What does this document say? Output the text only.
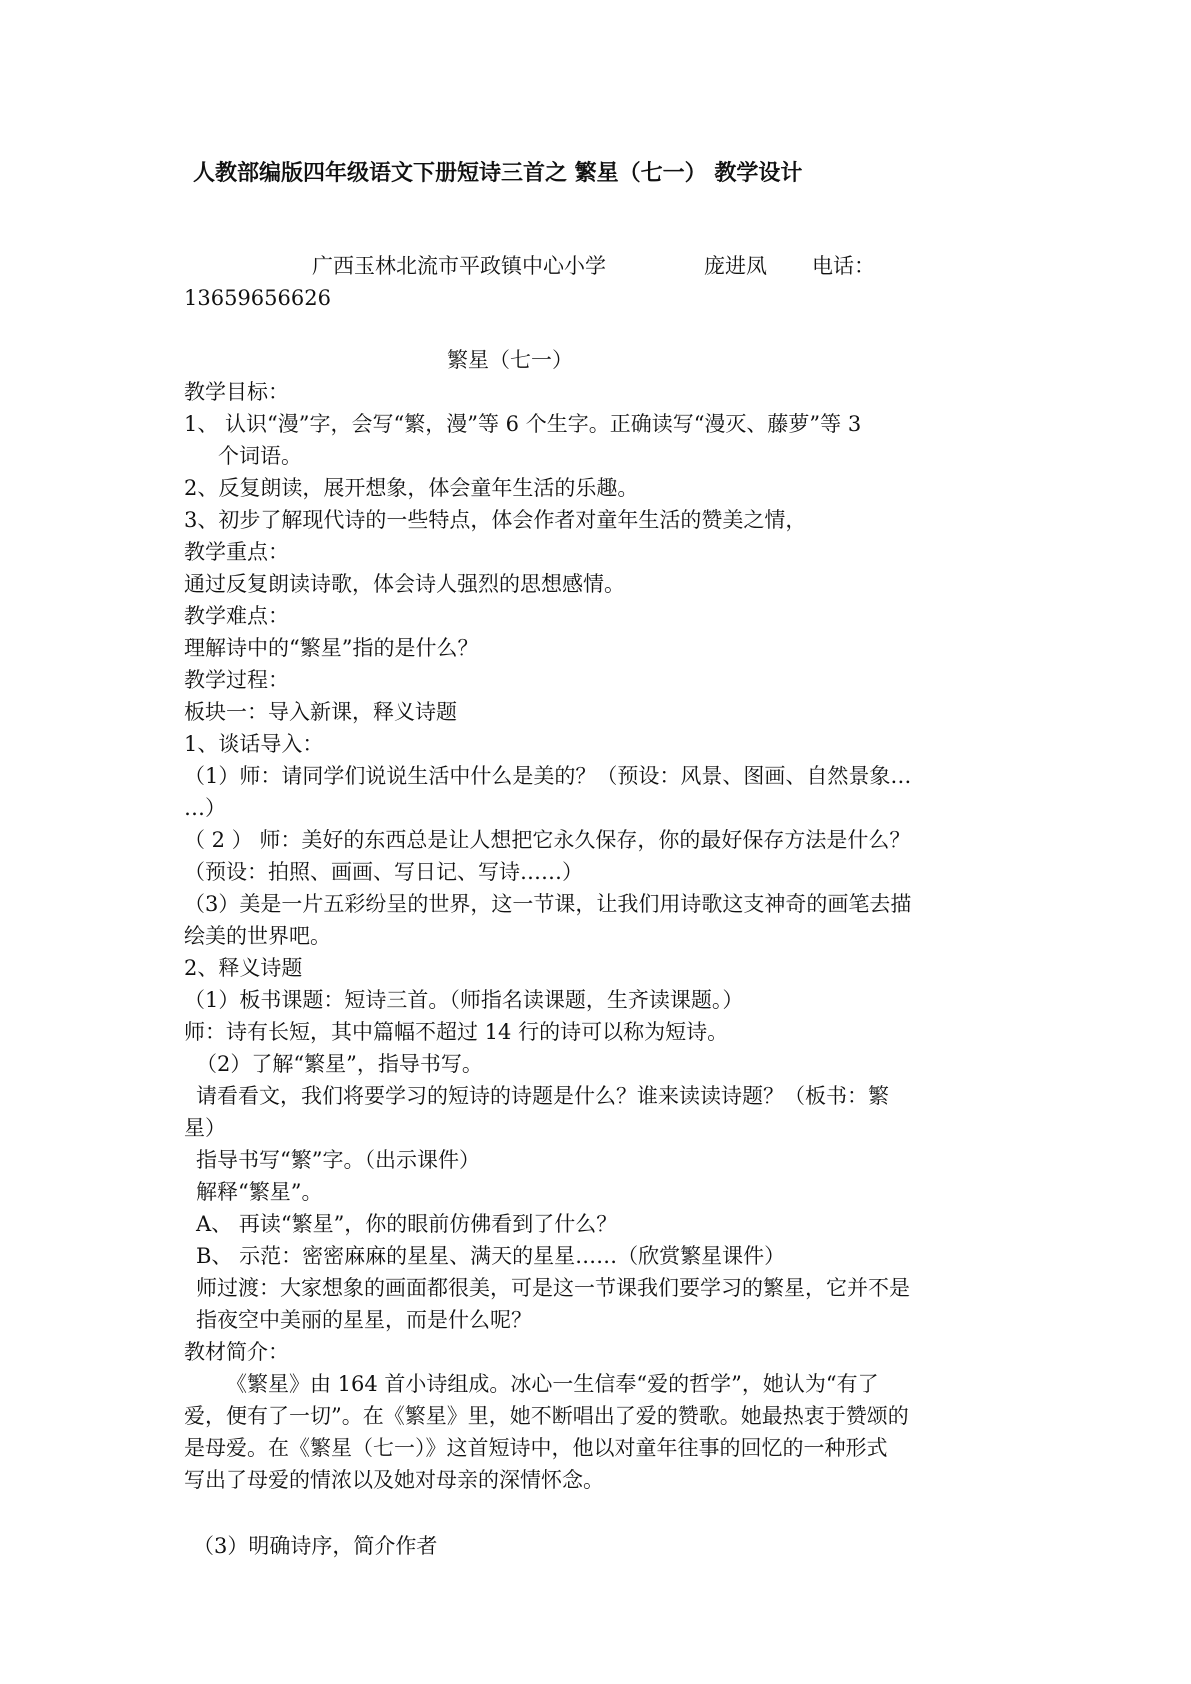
人教部编版四年级语文下册短诗三首之 繁星（七一） 教学设计
广西玉林北流市平政镇中心小学	庞进凤 电话：
13659656626
繁星（七一）
教学目标：
1、 认识“漫”字，会写“繁，漫”等 6 个生字。正确读写“漫灭、藤萝”等 3
个词语。
2、反复朗读，展开想象，体会童年生活的乐趣。
3、初步了解现代诗的一些特点，体会作者对童年生活的赞美之情，
教学重点：
通过反复朗读诗歌，体会诗人强烈的思想感情。
教学难点：
理解诗中的“繁星”指的是什么？
教学过程：
板块一：导入新课，释义诗题
1、谈话导入：
（1）师：请同学们说说生活中什么是美的？（预设：风景、图画、自然景象…
…）
（ 2 ） 师：美好的东西总是让人想把它永久保存，你的最好保存方法是什么？
（预设：拍照、画画、写日记、写诗……）
（3）美是一片五彩纷呈的世界，这一节课，让我们用诗歌这支神奇的画笔去描
绘美的世界吧。
2、释义诗题
（1）板书课题：短诗三首。（师指名读课题，生齐读课题。）
师：诗有长短，其中篇幅不超过 14 行的诗可以称为短诗。
（2）了解“繁星”，指导书写。
请看看文，我们将要学习的短诗的诗题是什么？谁来读读诗题？（板书：繁
星）
指导书写“繁”字。（出示课件）
解释“繁星”。
A、 再读“繁星”，你的眼前仿佛看到了什么？
B、 示范：密密麻麻的星星、满天的星星……（欣赏繁星课件）
师过渡：大家想象的画面都很美，可是这一节课我们要学习的繁星，它并不是
指夜空中美丽的星星，而是什么呢？
教材简介：
《繁星》由 164 首小诗组成。冰心一生信奉“爱的哲学”，她认为“有了
爱，便有了一切”。在《繁星》里，她不断唱出了爱的赞歌。她最热衷于赞颂的
是母爱。在《繁星（七一）》这首短诗中，他以对童年往事的回忆的一种形式
写出了母爱的情浓以及她对母亲的深情怀念。
（3）明确诗序，简介作者
